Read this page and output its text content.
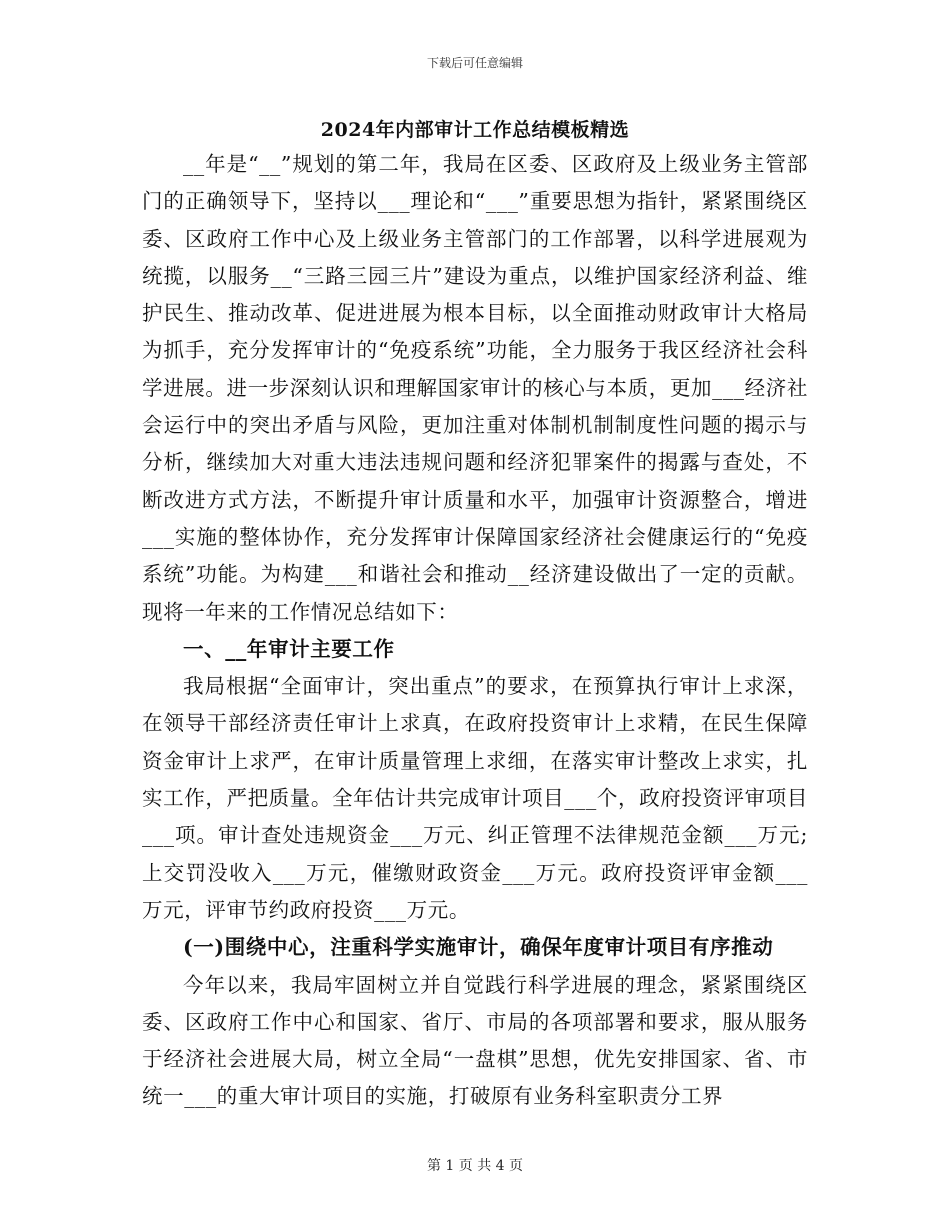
下载后可任意编辑
2024年内部审计工作总结模板精选

__年是“__”规划的第二年，我局在区委、区政府及上级业务主管部门的正确领导下，坚持以___理论和“___”重要思想为指针，紧紧围绕区委、区政府工作中心及上级业务主管部门的工作部署，以科学进展观为统揽，以服务__“三路三园三片”建设为重点，以维护国家经济利益、维护民生、推动改革、促进进展为根本目标，以全面推动财政审计大格局为抓手，充分发挥审计的“免疫系统”功能，全力服务于我区经济社会科学进展。进一步深刻认识和理解国家审计的核心与本质，更加___经济社会运行中的突出矛盾与风险，更加注重对体制机制制度性问题的揭示与分析，继续加大对重大违法违规问题和经济犯罪案件的揭露与查处，不断改进方式方法，不断提升审计质量和水平，加强审计资源整合，增进___实施的整体协作，充分发挥审计保障国家经济社会健康运行的“免疫系统”功能。为构建___和谐社会和推动__经济建设做出了一定的贡献。现将一年来的工作情况总结如下：

一、__年审计主要工作

我局根据“全面审计，突出重点”的要求，在预算执行审计上求深，在领导干部经济责任审计上求真，在政府投资审计上求精，在民生保障资金审计上求严，在审计质量管理上求细，在落实审计整改上求实，扎实工作，严把质量。全年估计共完成审计项目___个，政府投资评审项目___项。审计查处违规资金___万元、纠正管理不法律规范金额___万元;上交罚没收入___万元，催缴财政资金___万元。政府投资评审金额___万元，评审节约政府投资___万元。

(一)围绕中心，注重科学实施审计，确保年度审计项目有序推动

今年以来，我局牢固树立并自觉践行科学进展的理念，紧紧围绕区委、区政府工作中心和国家、省厅、市局的各项部署和要求，服从服务于经济社会进展大局，树立全局“一盘棋”思想，优先安排国家、省、市统一___的重大审计项目的实施，打破原有业务科室职责分工界

第 1 页 共 4 页
